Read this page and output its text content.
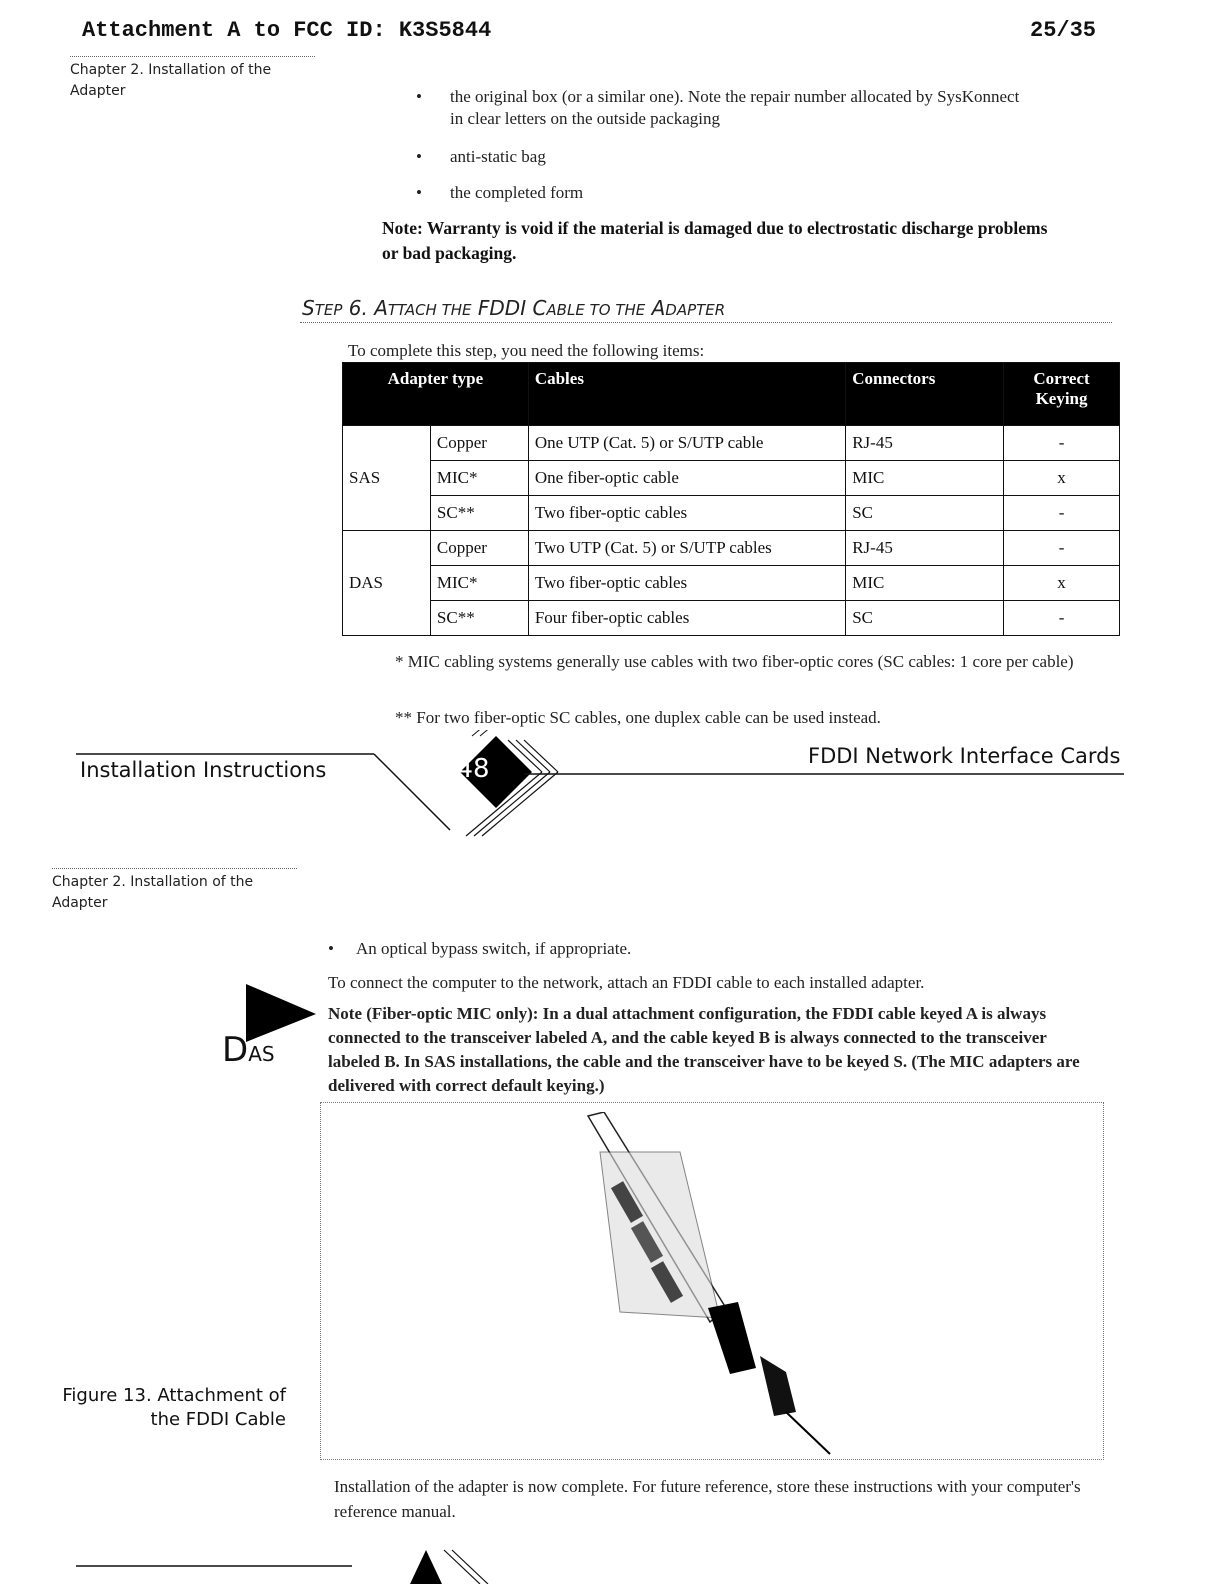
Attachment A to FCC ID: K3S5844	25/35
Chapter 2. Installation of the
Adapter	• the original box (or a similar one). Note the repair number allocated by SysKonnect in clear letters on the outside packaging
• anti-static bag
• the completed form
Note: Warranty is void if the material is damaged due to electrostatic discharge problems or bad packaging.
STEP 6. ATTACH THE FDDI CABLE TO THE ADAPTER
To complete this step, you need the following items:
Adapter type		Cables	Connectors	Correct Keying
SAS	Copper	One UTP (Cat. 5) or S/UTP cable	RJ-45	-
	MIC*	One fiber-optic cable	MIC	x
	SC**	Two fiber-optic cables	SC	-
DAS	Copper	Two UTP (Cat. 5) or S/UTP cables	RJ-45	-
	MIC*	Two fiber-optic cables	MIC	x
	SC**	Four fiber-optic cables	SC	-
* MIC cabling systems generally use cables with two fiber-optic cores (SC cables: 1 core per cable)
** For two fiber-optic SC cables, one duplex cable can be used instead.
48
Installation Instructions
FDDI Network Interface Cards
Chapter 2. Installation of the
Adapter
• An optical bypass switch, if appropriate.
To connect the computer to the network, attach an FDDI cable to each installed adapter.
DAS
Note (Fiber-optic MIC only): In a dual attachment configuration, the FDDI cable keyed A is always connected to the transceiver labeled A, and the cable keyed B is always connected to the transceiver labeled B. In SAS installations, the cable and the transceiver have to be keyed S. (The MIC adapters are delivered with correct default keying.)
Figure 13. Attachment of
the FDDI Cable
Installation of the adapter is now complete. For future reference, store these instructions with your computer's reference manual.
